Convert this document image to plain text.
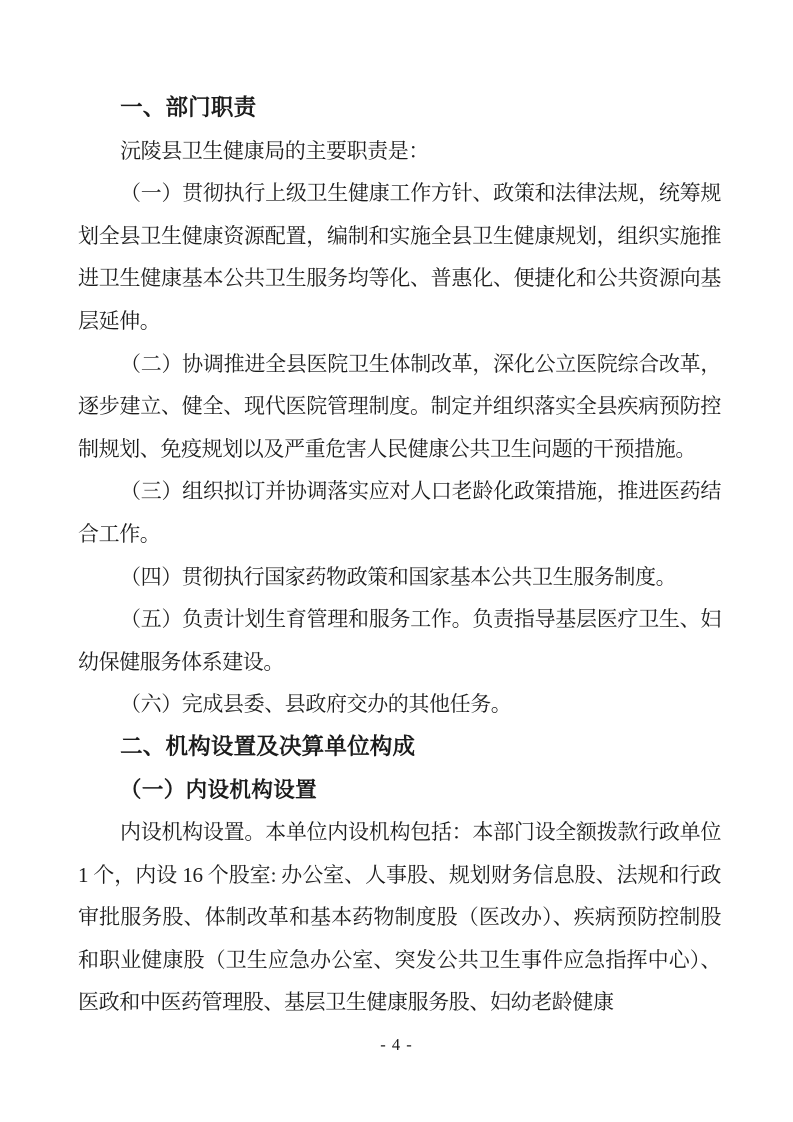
一、部门职责

沅陵县卫生健康局的主要职责是：

（一）贯彻执行上级卫生健康工作方针、政策和法律法规，统筹规划全县卫生健康资源配置，编制和实施全县卫生健康规划，组织实施推进卫生健康基本公共卫生服务均等化、普惠化、便捷化和公共资源向基层延伸。

（二）协调推进全县医院卫生体制改革，深化公立医院综合改革，逐步建立、健全、现代医院管理制度。制定并组织落实全县疾病预防控制规划、免疫规划以及严重危害人民健康公共卫生问题的干预措施。

（三）组织拟订并协调落实应对人口老龄化政策措施，推进医药结合工作。

（四）贯彻执行国家药物政策和国家基本公共卫生服务制度。

（五）负责计划生育管理和服务工作。负责指导基层医疗卫生、妇幼保健服务体系建设。

（六）完成县委、县政府交办的其他任务。

二、机构设置及决算单位构成
（一）内设机构设置

内设机构设置。本单位内设机构包括：本部门设全额拨款行政单位 1 个，内设 16 个股室: 办公室、人事股、规划财务信息股、法规和行政审批服务股、体制改革和基本药物制度股（医改办）、疾病预防控制股和职业健康股（卫生应急办公室、突发公共卫生事件应急指挥中心）、医政和中医药管理股、基层卫生健康服务股、妇幼老龄健康

- 4 -
